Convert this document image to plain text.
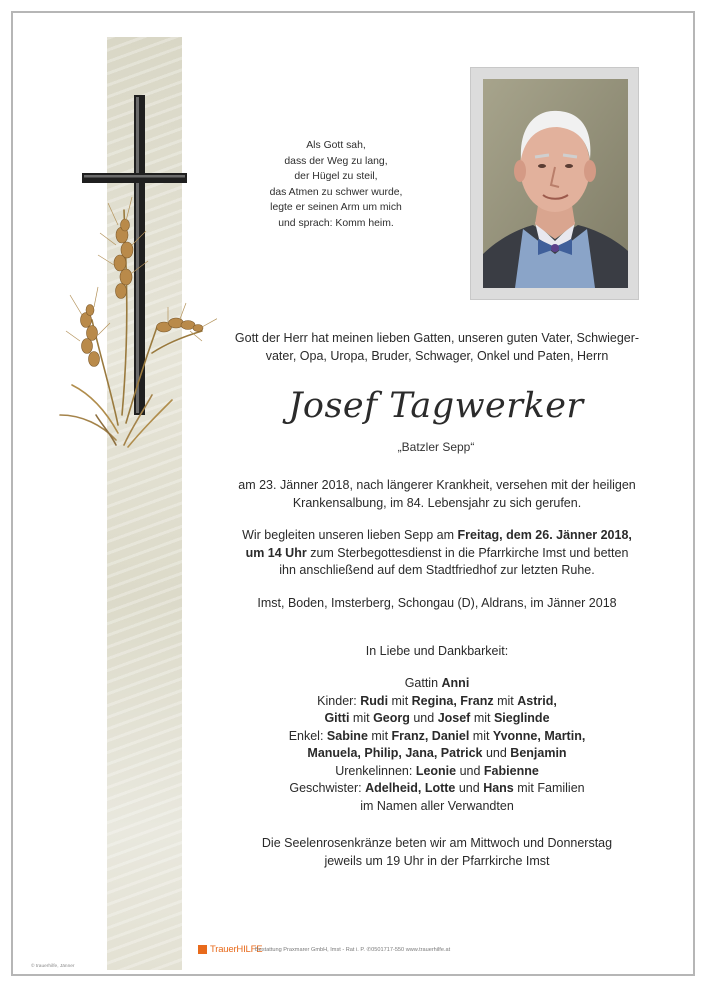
Als Gott sah,
dass der Weg zu lang,
der Hügel zu steil,
das Atmen zu schwer wurde,
legte er seinen Arm um mich
und sprach: Komm heim.
Gott der Herr hat meinen lieben Gatten, unseren guten Vater, Schwieger-
vater, Opa, Uropa, Bruder, Schwager, Onkel und Paten, Herrn
Josef Tagwerker
„Batzler Sepp“
am 23. Jänner 2018, nach längerer Krankheit, versehen mit der heiligen
Krankensalbung, im 84. Lebensjahr zu sich gerufen.
Wir begleiten unseren lieben Sepp am Freitag, dem 26. Jänner 2018,
um 14 Uhr zum Sterbegottesdienst in die Pfarrkirche Imst und betten
ihn anschließend auf dem Stadtfriedhof zur letzten Ruhe.
Imst, Boden, Imsterberg, Schongau (D), Aldrans, im Jänner 2018
In Liebe und Dankbarkeit:
Gattin Anni
Kinder: Rudi mit Regina, Franz mit Astrid,
Gitti mit Georg und Josef mit Sieglinde
Enkel: Sabine mit Franz, Daniel mit Yvonne, Martin,
Manuela, Philip, Jana, Patrick und Benjamin
Urenkelinnen: Leonie und Fabienne
Geschwister: Adelheid, Lotte und Hans mit Familien
im Namen aller Verwandten
Die Seelenrosenkränze beten wir am Mittwoch und Donnerstag
jeweils um 19 Uhr in der Pfarrkirche Imst
TrauerHILFE
Bestattung Praxmarer GmbH, Imst - Rat i. P. ✆0501717-550 www.trauerhilfe.at
© trauerhilfe, Jänner
